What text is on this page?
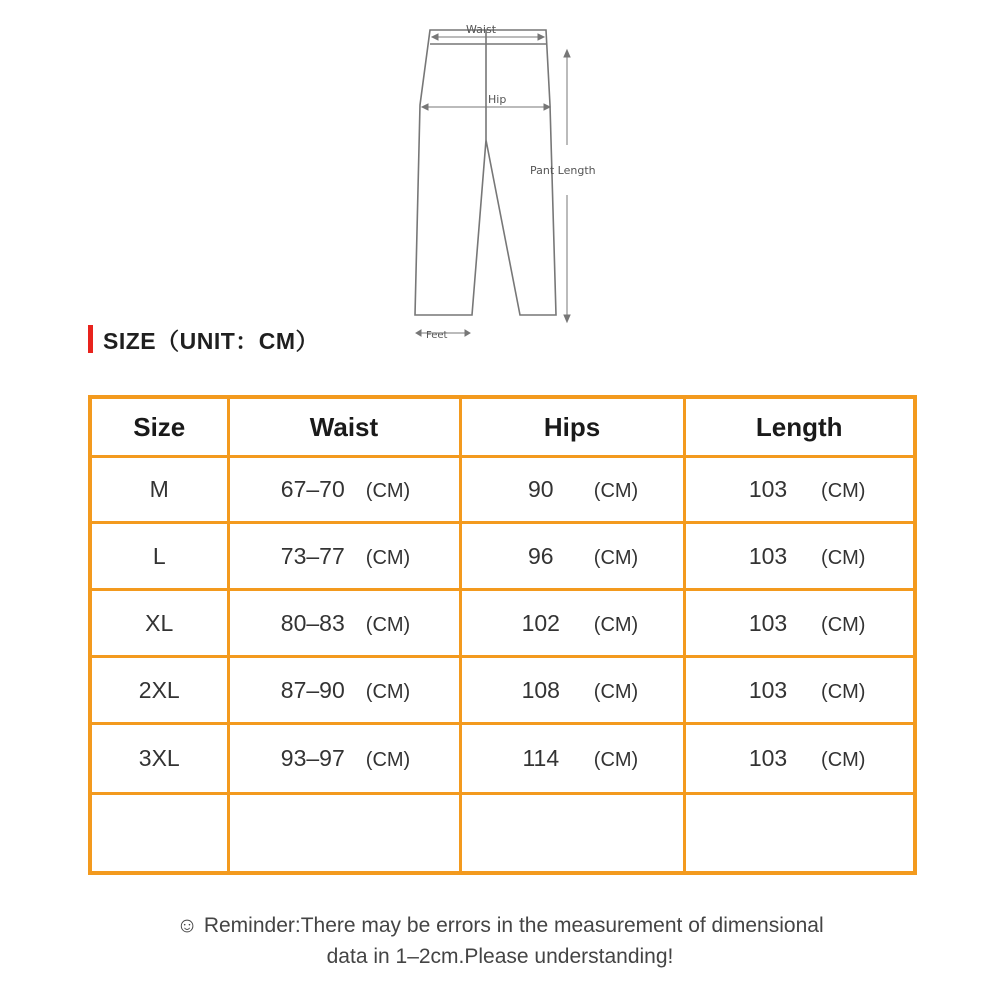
Waist
Hip
Pant Length
Feet
SIZE（UNIT：CM）
Size	Waist	Hips	Length
M	67–70 (CM)	90 (CM)	103 (CM)
L	73–77 (CM)	96 (CM)	103 (CM)
XL	80–83 (CM)	102 (CM)	103 (CM)
2XL	87–90 (CM)	108 (CM)	103 (CM)
3XL	93–97 (CM)	114 (CM)	103 (CM)

☺ Reminder:There may be errors in the measurement of dimensional
data in 1–2cm.Please understanding!
